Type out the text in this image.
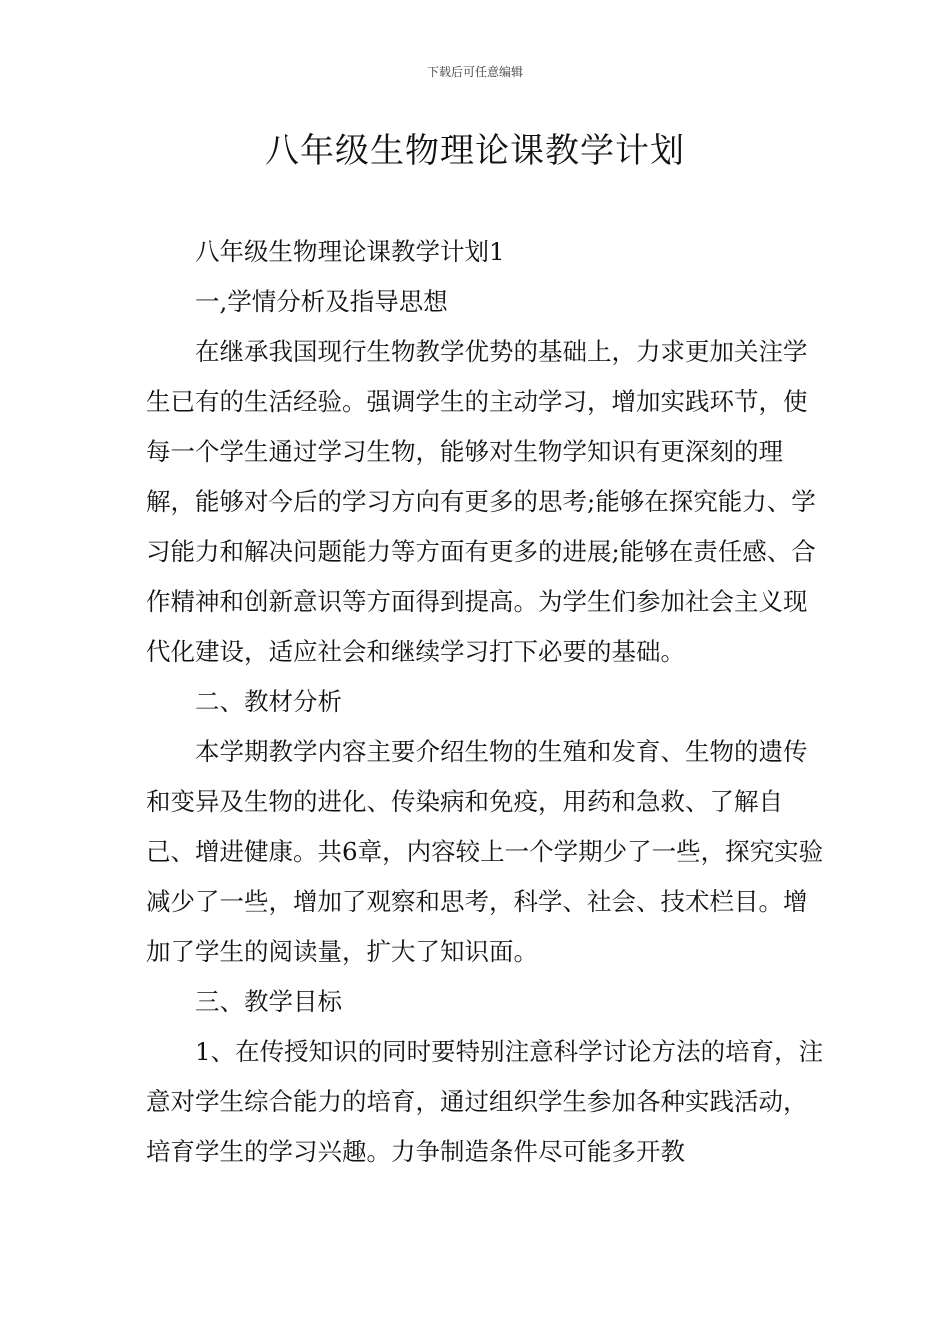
下载后可任意编辑
八年级生物理论课教学计划

八年级生物理论课教学计划1

一,学情分析及指导思想

在继承我国现行生物教学优势的基础上，力求更加关注学生已有的生活经验。强调学生的主动学习，增加实践环节，使每一个学生通过学习生物，能够对生物学知识有更深刻的理解，能够对今后的学习方向有更多的思考;能够在探究能力、学习能力和解决问题能力等方面有更多的进展;能够在责任感、合作精神和创新意识等方面得到提高。为学生们参加社会主义现代化建设，适应社会和继续学习打下必要的基础。

二、教材分析

本学期教学内容主要介绍生物的生殖和发育、生物的遗传和变异及生物的进化、传染病和免疫，用药和急救、了解自己、增进健康。共6章，内容较上一个学期少了一些，探究实验减少了一些，增加了观察和思考，科学、社会、技术栏目。增加了学生的阅读量，扩大了知识面。

三、教学目标

1、在传授知识的同时要特别注意科学讨论方法的培育，注意对学生综合能力的培育，通过组织学生参加各种实践活动，培育学生的学习兴趣。力争制造条件尽可能多开教
